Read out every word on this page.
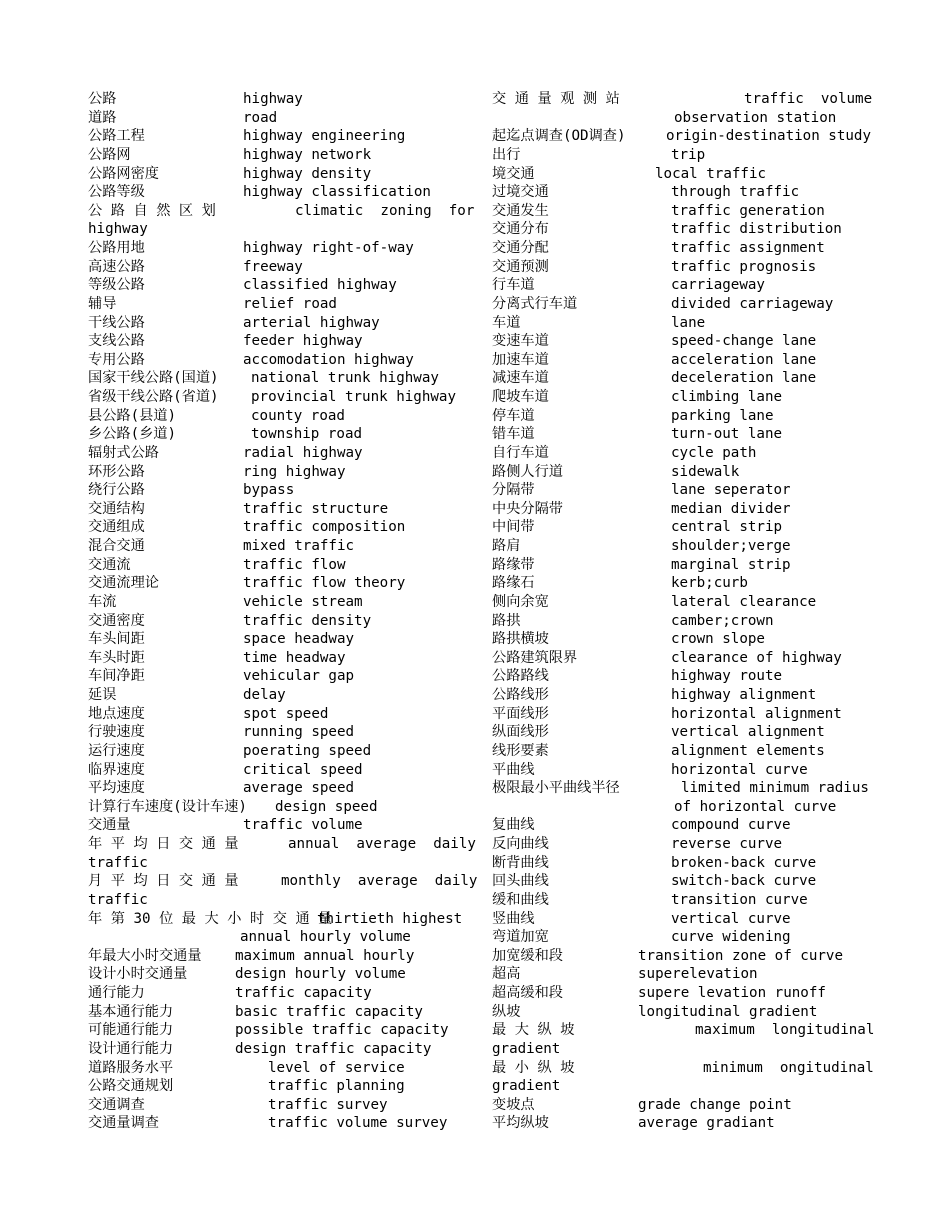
公路	highway
道路	road
公路工程	highway engineering
公路网	highway network
公路网密度	highway density
公路等级	highway classification
公 路 自 然 区 划	climatic  zoning  for
highway
公路用地	highway right-of-way
高速公路	freeway
等级公路	classified highway
辅导	relief road
干线公路	arterial highway
支线公路	feeder highway
专用公路	accomodation highway
国家干线公路(国道) national trunk highway
省级干线公路(省道) provincial trunk highway
县公路(县道)	county road
乡公路(乡道)	township road
辐射式公路	radial highway
环形公路	ring highway
绕行公路	bypass
交通结构	traffic structure
交通组成	traffic composition
混合交通	mixed traffic
交通流	traffic flow
交通流理论	traffic flow theory
车流	vehicle stream
交通密度	traffic density
车头间距	space headway
车头时距	time headway
车间净距	vehicular gap
延误	delay
地点速度	spot speed
行驶速度	running speed
运行速度	poerating speed
临界速度	critical speed
平均速度	average speed
计算行车速度(设计车速) design speed
交通量	traffic volume
年 平 均 日 交 通 量	annual  average  daily
traffic
月 平 均 日 交 通 量	monthly  average  daily
traffic
年 第 30 位 最 大 小 时 交 通 量
thirtieth highest
annual hourly volume
年最大小时交通量 maximum annual hourly
设计小时交通量	design hourly volume
通行能力	traffic capacity
基本通行能力	basic traffic capacity
可能通行能力	possible traffic capacity
设计通行能力	design traffic capacity
道路服务水平	level of service
公路交通规划	traffic planning
交通调查	traffic survey
交通量调查	traffic volume survey
交 通 量 观 测 站	traffic  volume
observation station
起迄点调查(OD调查)	origin-destination study
出行	trip
境交通	local traffic
过境交通	through traffic
交通发生	traffic generation
交通分布	traffic distribution
交通分配	traffic assignment
交通预测	traffic prognosis
行车道	carriageway
分离式行车道	divided carriageway
车道	lane
变速车道	speed-change lane
加速车道	acceleration lane
减速车道	deceleration lane
爬坡车道	climbing lane
停车道	parking lane
错车道	turn-out lane
自行车道	cycle path
路侧人行道	sidewalk
分隔带	lane seperator
中央分隔带	median divider
中间带	central strip
路肩	shoulder;verge
路缘带	marginal strip
路缘石	kerb;curb
侧向余宽	lateral clearance
路拱	camber;crown
路拱横坡	crown slope
公路建筑限界	clearance of highway
公路路线	highway route
公路线形	highway alignment
平面线形	horizontal alignment
纵面线形	vertical alignment
线形要素	alignment elements
平曲线	horizontal curve
极限最小平曲线半径	limited minimum radius
of horizontal curve
复曲线	compound curve
反向曲线	reverse curve
断背曲线	broken-back curve
回头曲线	switch-back curve
缓和曲线	transition curve
竖曲线	vertical curve
弯道加宽	curve widening
加宽缓和段	transition zone of curve
超高	superelevation
超高缓和段	supere levation runoff
纵坡	longitudinal gradient
最 大 纵 坡	maximum  longitudinal
gradient
最 小 纵 坡	minimum  ongitudinal
gradient
变坡点	grade change point
平均纵坡	average gradiant
